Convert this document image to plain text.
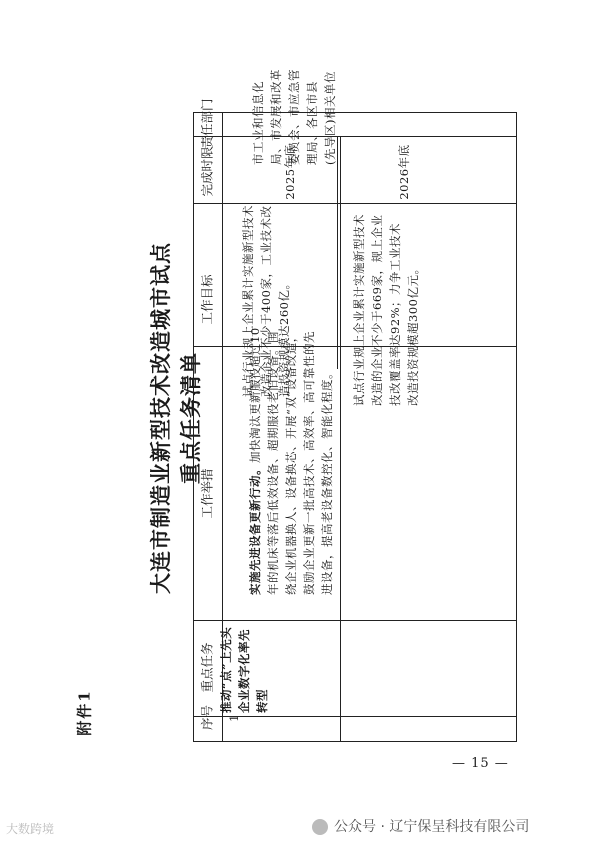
附件1
大连市制造业新型技术改造城市试点 重点任务清单
序号
重点任务
工作举措
工作目标
完成时限
责任部门
1
推动“点”上先头企业数字化率先转型
实施先进设备更新行动。加快淘汰更新服役超过10年的机床等落后低效设备、超期服役老旧设备。围绕企业机器换人、设备换芯、开展“双”设备改造，鼓励企业更新一批高技术、高效率、高可靠性的先进设备，提高老设备数控化、智能化程度。
试点行业规上企业累计实施新型技术改造企业不少于400家，工业技术改造投资规模达260亿。	试点行业规上企业累计实施新型技术改造的企业不少于669家，规上企业技改覆盖率达92%；力争工业技术改造投资规模超300亿元。
2025年底	2026年底
市工业和信息化局、市发展和改革委员会、市应急管理局、各区市县(先导区)相关单位
— 15 —
公众号 · 辽宁保呈科技有限公司
大数跨境
